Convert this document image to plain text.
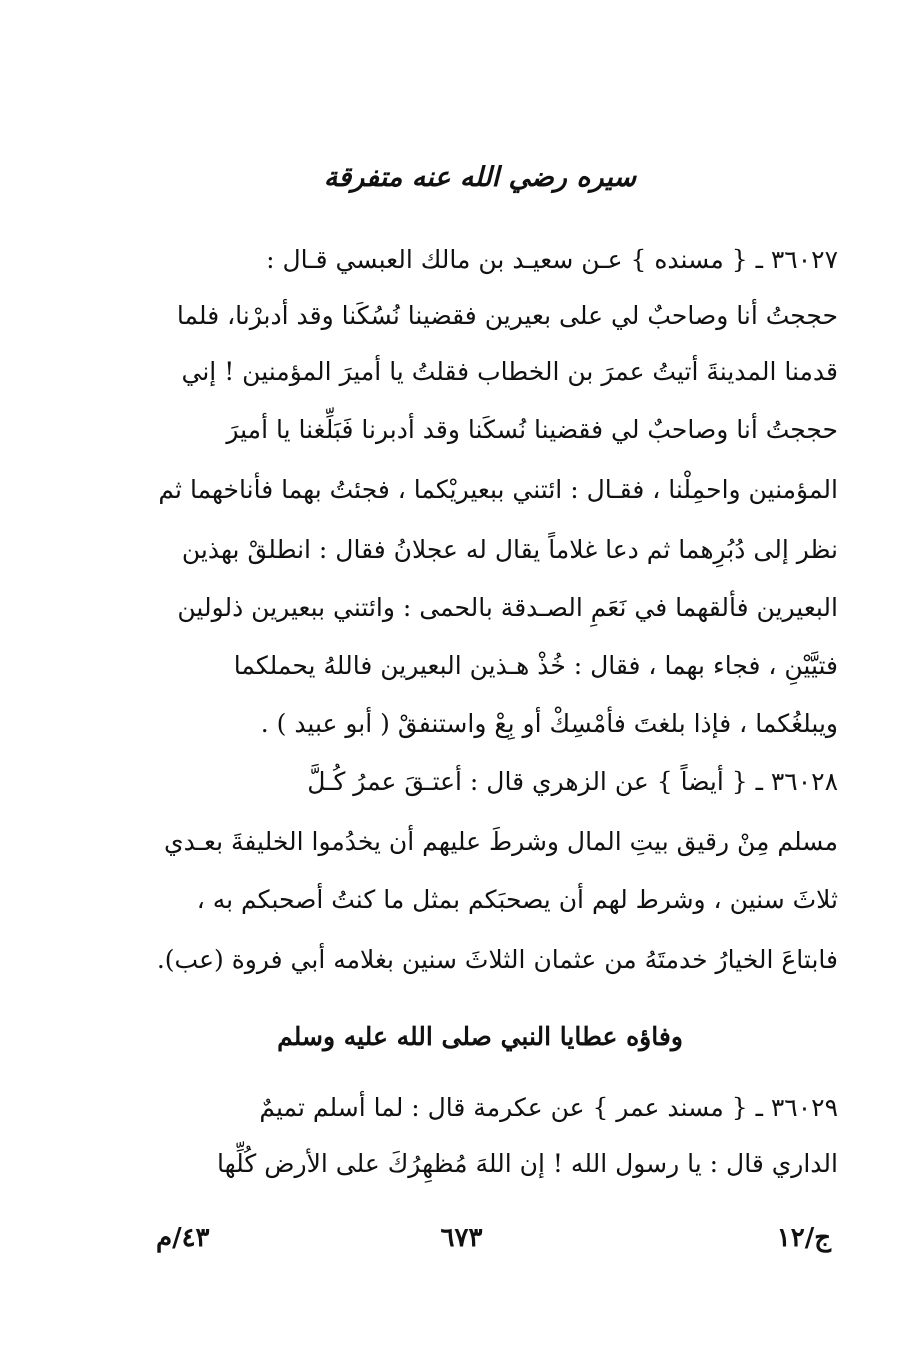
سيره رضي الله عنه متفرقة
٣٦٠٢٧ ـ { مسنده } عـن سعيـد بن مالك العبسي قـال :
حججتُ أنا وصاحبٌ لي على بعيرين فقضينا نُسُكَنا وقد أدبرْنا، فلما
قدمنا المدينةَ أتيتُ عمرَ بن الخطاب فقلتُ يا أميرَ المؤمنين ! إني
حججتُ أنا وصاحبٌ لي فقضينا نُسكَنا وقد أدبرنا فَبَلِّغنا يا أميرَ
المؤمنين واحمِلْنا ، فقـال : ائتني ببعيريْكما ، فجئتُ بهما فأناخهما ثم
نظر إلى دُبُرِهما ثم دعا غلاماً يقال له عجلانُ فقال : انطلقْ بهذين
البعيرين فألقهما في نَعَمِ الصـدقة بالحمى : وائتني ببعيرين ذلولين
فتيَّيْنِ ، فجاء بهما ، فقال : خُذْ هـذين البعيرين فاللهُ يحملكما
ويبلغُكما ، فإذا بلغتَ فأمْسِكْ أو بِعْ واستنفقْ ( أبو عبيد ) .
٣٦٠٢٨ ـ { أيضاً } عن الزهري قال : أعتـقَ عمرُ كُـلَّ
مسلم مِنْ رقيق بيتِ المال وشرطَ عليهم أن يخدُموا الخليفةَ بعـدي
ثلاثَ سنين ، وشرط لهم أن يصحبَكم بمثل ما كنتُ أصحبكم به ،
فابتاعَ الخيارُ خدمتَهُ من عثمان الثلاثَ سنين بغلامه أبي فروة (عب).
وفاؤه عطايا النبي صلى الله عليه وسلم
٣٦٠٢٩ ـ { مسند عمر } عن عكرمة قال : لما أسلم تميمٌ
الداري قال : يا رسول الله ! إن اللهَ مُظهِرُكَ على الأرض كُلِّها
ج/١٢
٦٧٣
٤٣/م
